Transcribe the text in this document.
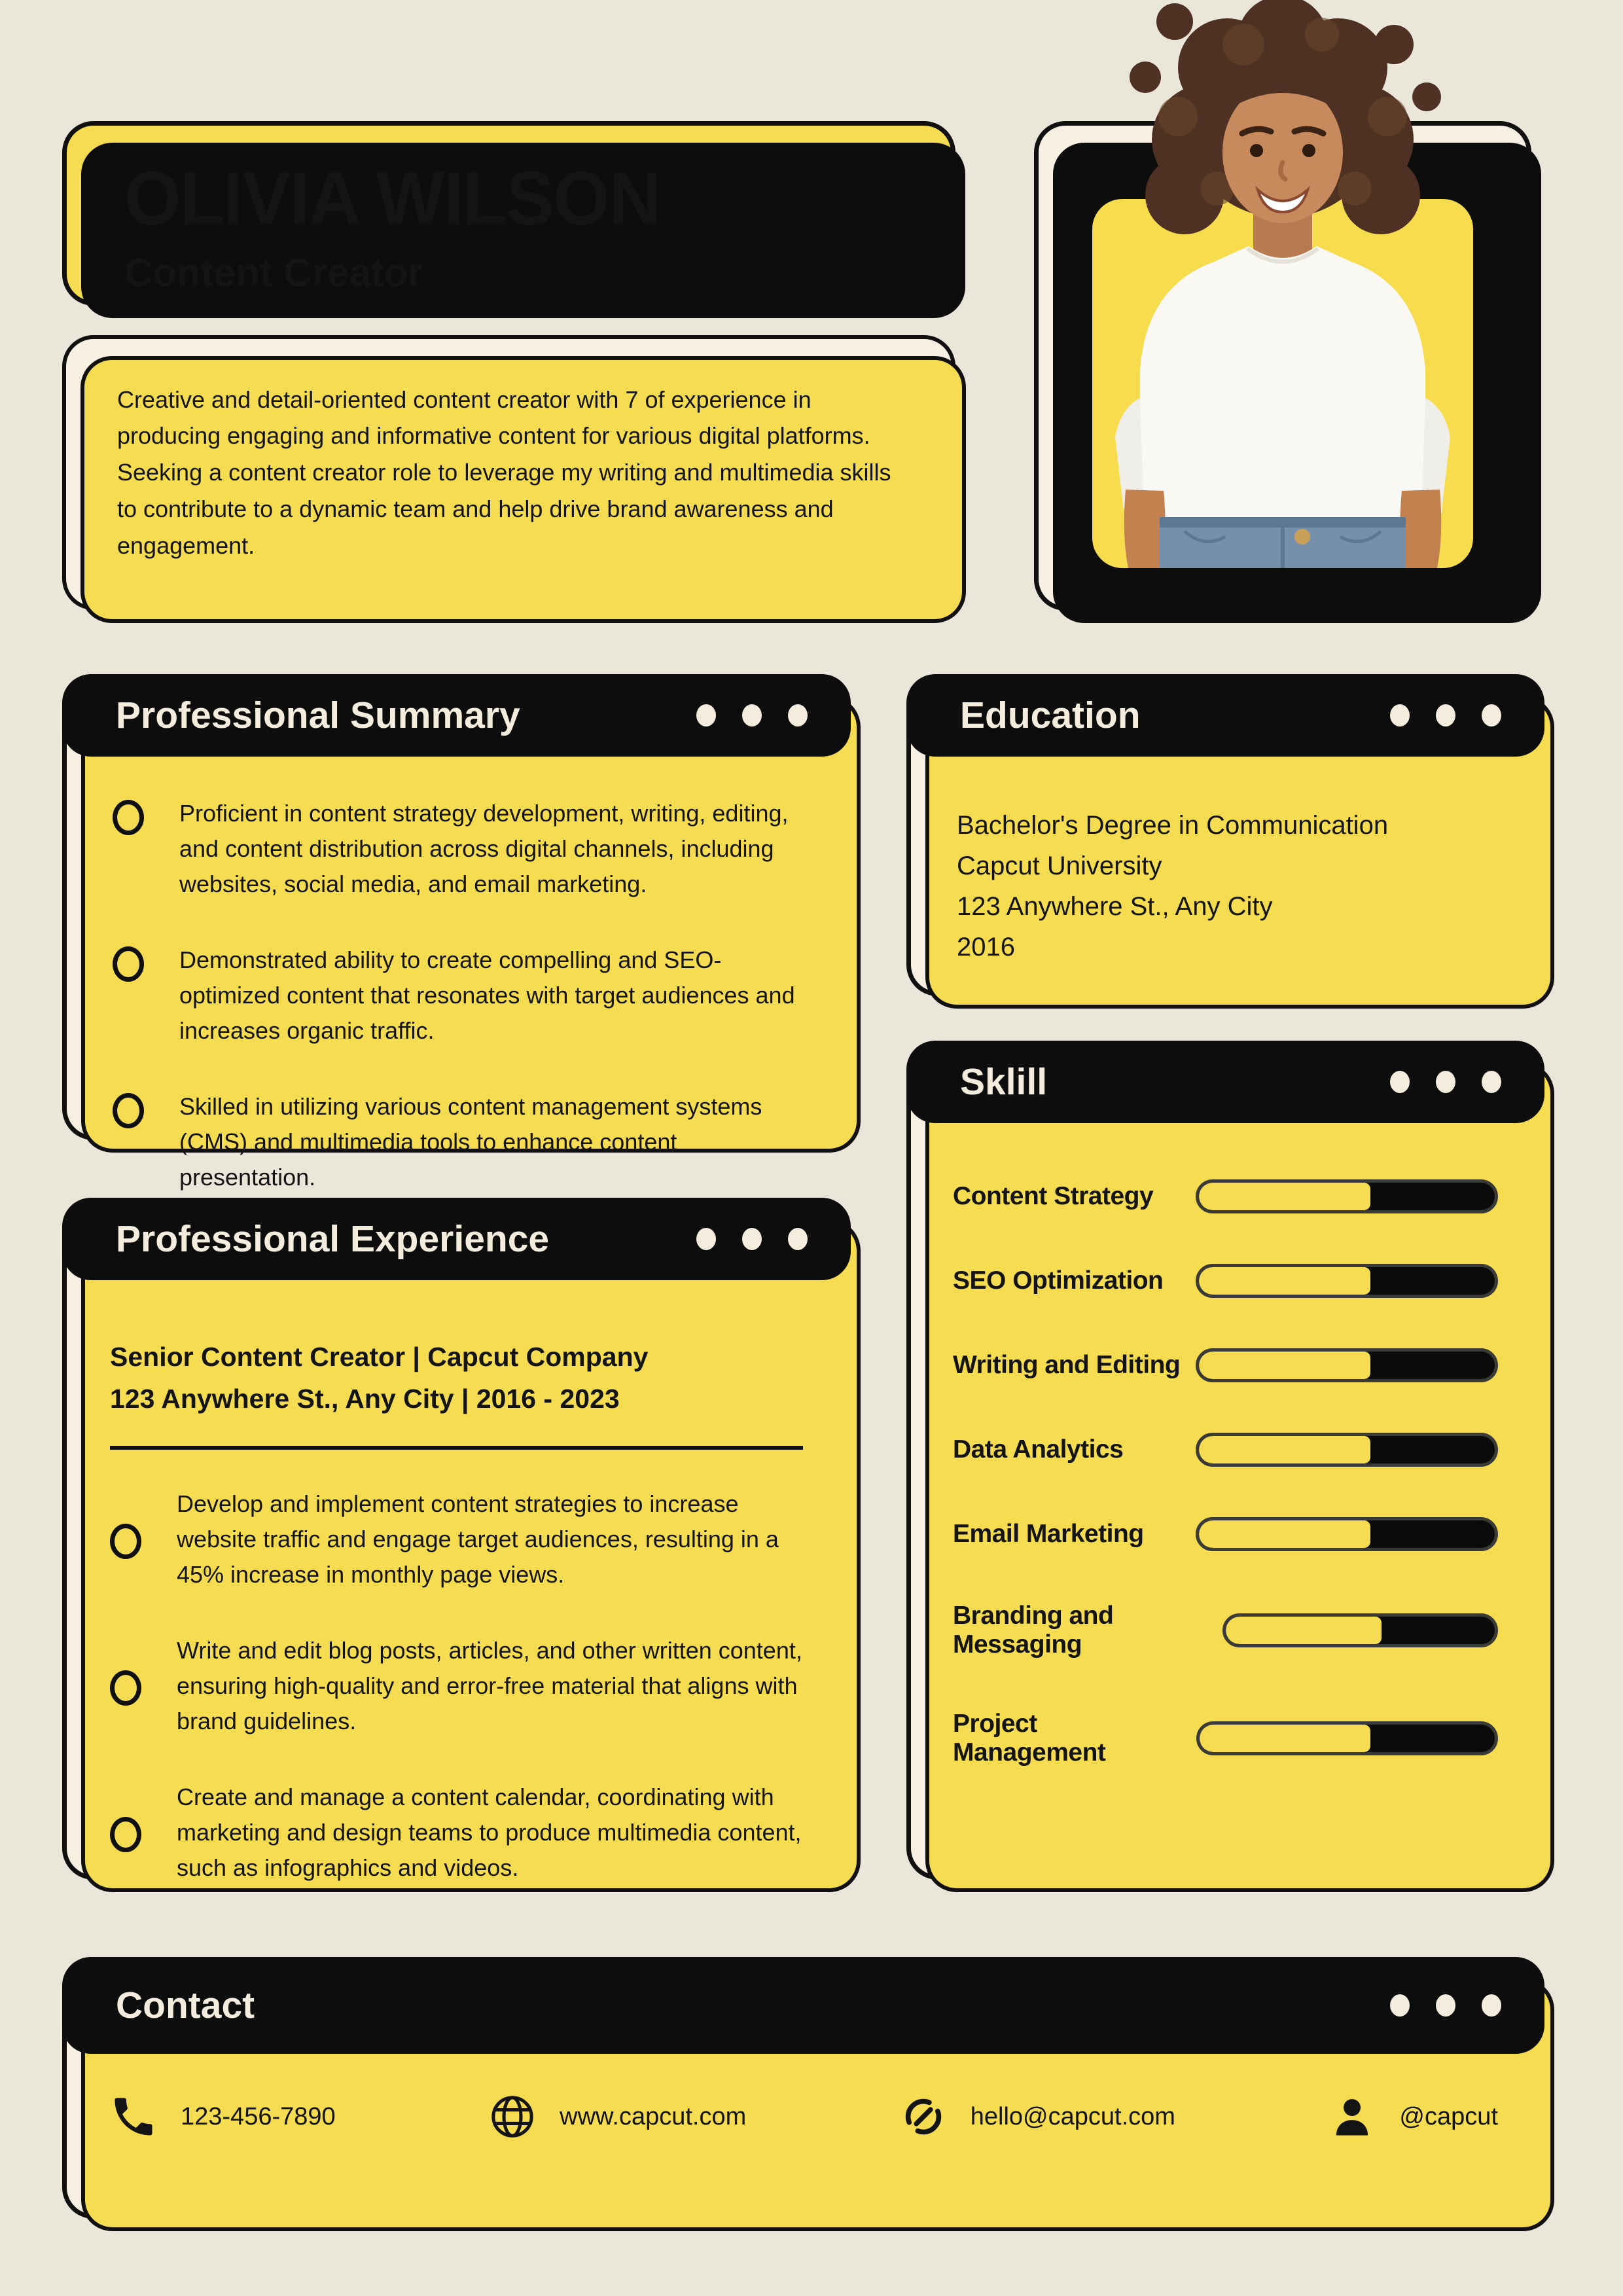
OLIVIA WILSON
Content Creator

Creative and detail-oriented content creator with 7 of experience in producing engaging and informative content for various digital platforms. Seeking a content creator role to leverage my writing and multimedia skills to contribute to a dynamic team and help drive brand awareness and engagement.

Professional Summary

Proficient in content strategy development, writing, editing, and content distribution across digital channels, including websites, social media, and email marketing.

Demonstrated ability to create compelling and SEO-optimized content that resonates with target audiences and increases organic traffic.

Skilled in utilizing various content management systems (CMS) and multimedia tools to enhance content presentation.

Education

Bachelor's Degree in Communication

Capcut University

123 Anywhere St., Any City

2016

Sklill
Content Strategy
SEO Optimization
Writing and Editing
Data Analytics
Email Marketing
Branding and Messaging
Project Management
Professional Experience

Senior Content Creator | Capcut Company

123 Anywhere St., Any City | 2016 - 2023

Develop and implement content strategies to increase website traffic and engage target audiences, resulting in a 45% increase in monthly page views.

Write and edit blog posts, articles, and other written content, ensuring high-quality and error-free material that aligns with brand guidelines.

Create and manage a content calendar, coordinating with marketing and design teams to produce multimedia content, such as infographics and videos.

Contact
123-456-7890	www.capcut.com	hello@capcut.com	@capcut
